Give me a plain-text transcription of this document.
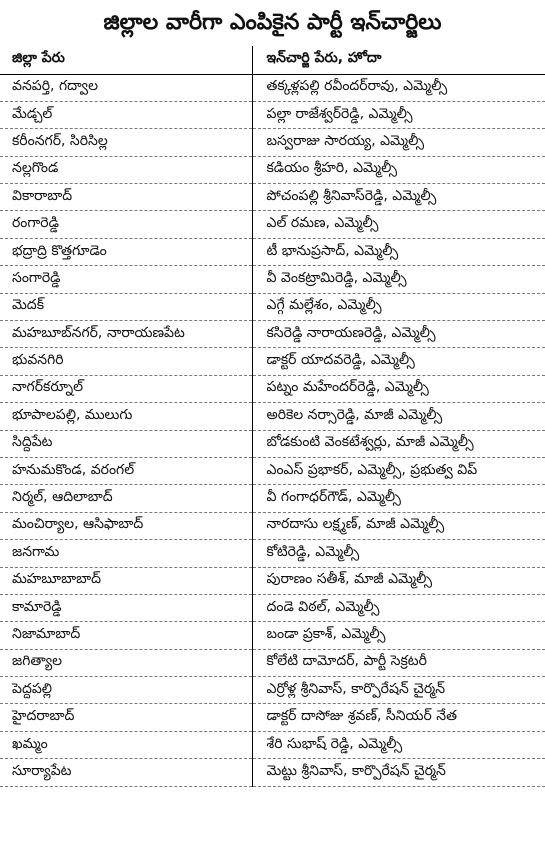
జిల్లాల వారీగా ఎంపికైన పార్టీ ఇన్‌చార్జిలు
జిల్లా పేరు	ఇన్‌చార్జి పేరు, హోదా
వనపర్తి, గద్వాల	తక్కళ్లపల్లి రవీందర్‌రావు, ఎమ్మెల్సీ
మేడ్చల్‌	పల్లా రాజేశ్వర్‌రెడ్డి, ఎమ్మెల్సీ
కరీంనగర్‌, సిరిసిల్ల	బస్వరాజు సారయ్య, ఎమ్మెల్సీ
నల్లగొండ	కడియం శ్రీహరి, ఎమ్మెల్సీ
వికారాబాద్‌	పోచంపల్లి శ్రీనివాస్‌రెడ్డి, ఎమ్మెల్సీ
రంగారెడ్డి	ఎల్‌ రమణ, ఎమ్మెల్సీ
భద్రాద్రి కొత్తగూడెం	టీ భానుప్రసాద్‌, ఎమ్మెల్సీ
సంగారెడ్డి	వీ వెంకట్రామిరెడ్డి, ఎమ్మెల్సీ
మెదక్‌	ఎగ్గే మల్లేశం, ఎమ్మెల్సీ
మహబూబ్‌నగర్‌, నారాయణపేట	కసిరెడ్డి నారాయణరెడ్డి, ఎమ్మెల్సీ
భువనగిరి	డాక్టర్‌ యాదవరెడ్డి, ఎమ్మెల్సీ
నాగర్‌కర్నూల్‌	పట్నం మహేందర్‌రెడ్డి, ఎమ్మెల్సీ
భూపాలపల్లి, ములుగు	అరికెల నర్సారెడ్డి, మాజీ ఎమ్మెల్సీ
సిద్దిపేట	బోడకుంటి వెంకటేశ్వర్లు, మాజీ ఎమ్మెల్సీ
హనుమకొండ, వరంగల్‌	ఎంఎస్‌ ప్రభాకర్‌, ఎమ్మెల్సీ, ప్రభుత్వ విప్‌
నిర్మల్‌, ఆదిలాబాద్‌	వీ గంగాధర్‌గౌడ్‌, ఎమ్మెల్సీ
మంచిర్యాల, ఆసిఫాబాద్‌	నారదాసు లక్ష్మణ్‌, మాజీ ఎమ్మెల్సీ
జనగామ	కోటిరెడ్డి, ఎమ్మెల్సీ
మహబూబాబాద్‌	పురాణం సతీశ్‌, మాజీ ఎమ్మెల్సీ
కామారెడ్డి	దండె విఠల్‌, ఎమ్మెల్సీ
నిజామాబాద్‌	బండా ప్రకాశ్‌, ఎమ్మెల్సీ
జగిత్యాల	కోలేటి దామోదర్‌, పార్టీ సెక్రటరీ
పెద్దపల్లి	ఎర్రోళ్ల శ్రీనివాస్‌, కార్పొరేషన్‌ చైర్మన్‌
హైదరాబాద్‌	డాక్టర్‌ దాసోజు శ్రవణ్‌, సీనియర్‌ నేత
ఖమ్మం	శేరి సుభాష్‌ రెడ్డి, ఎమ్మెల్సీ
సూర్యాపేట	మెట్టు శ్రీనివాస్‌, కార్పొరేషన్‌ చైర్మన్‌
